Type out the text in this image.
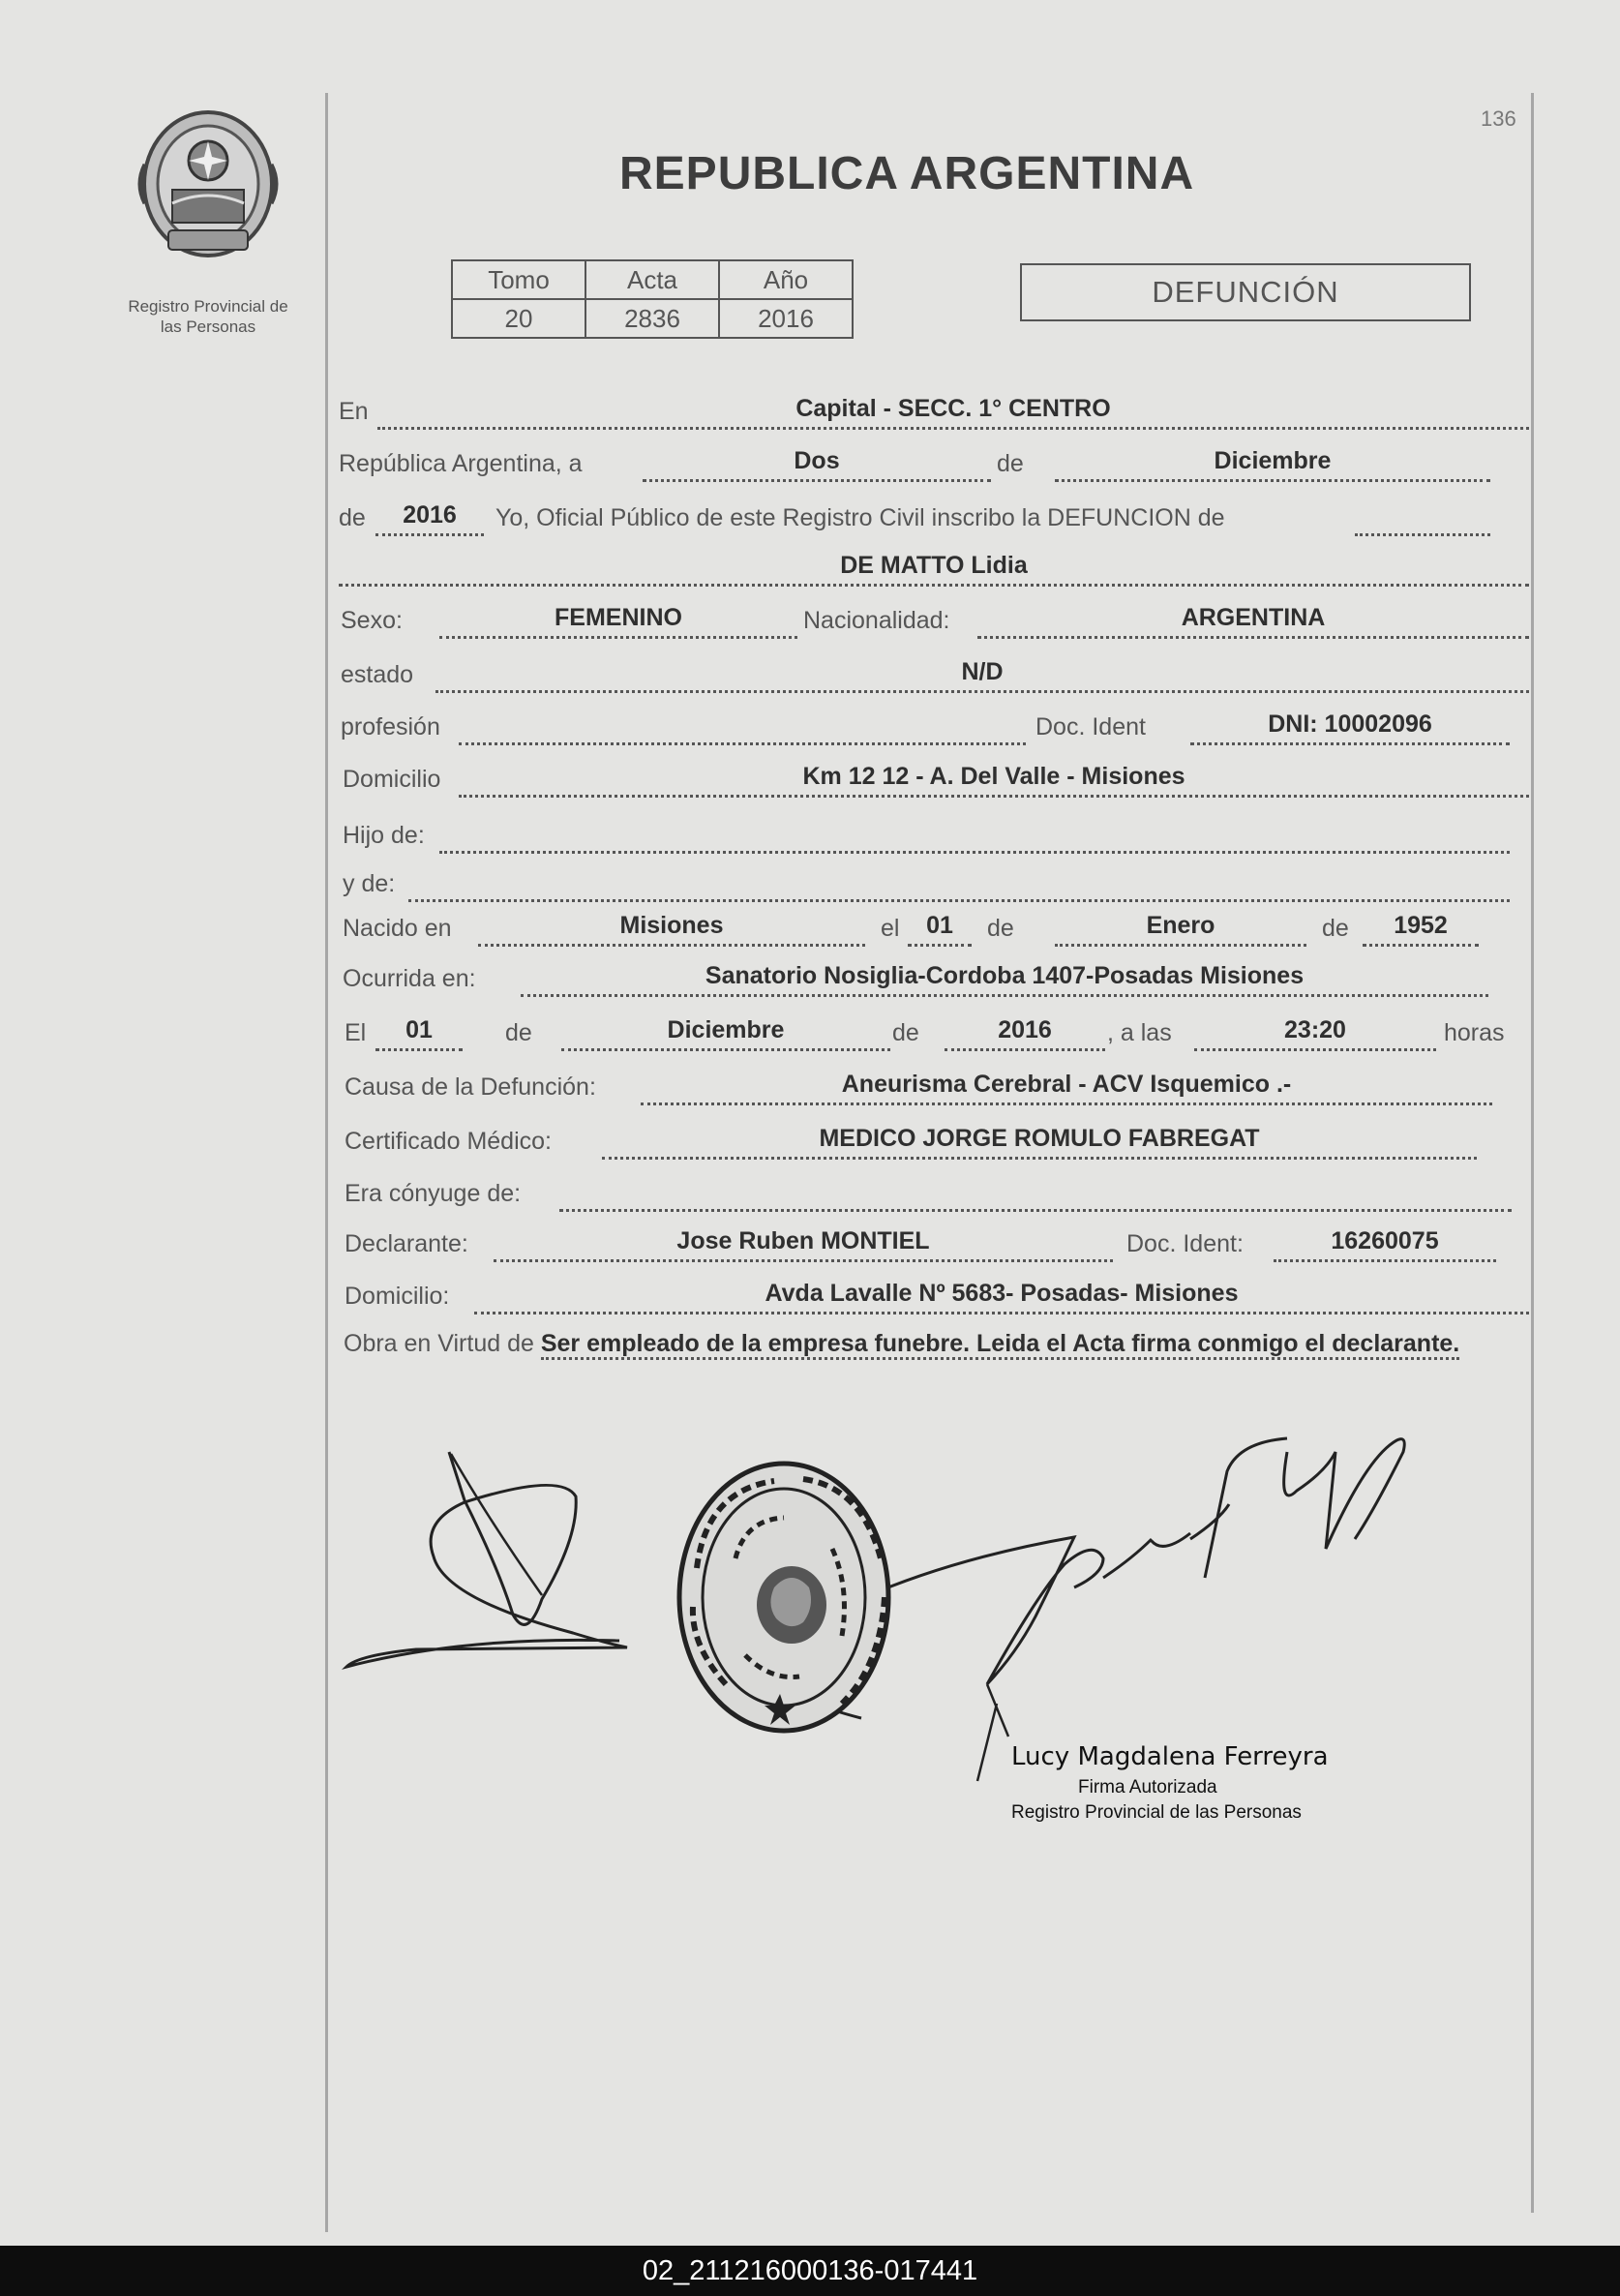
Registro Provincial de
las Personas
136
REPUBLICA ARGENTINA
Tomo	Acta	Año
20	2836	2016
DEFUNCIÓN
En	Capital - SECC. 1° CENTRO
República Argentina, a	Dos	de	Diciembre
de	2016	Yo, Oficial Público de este Registro Civil inscribo la DEFUNCION de
DE MATTO Lidia
Sexo:	FEMENINO	Nacionalidad:	ARGENTINA
estado	N/D
profesión	Doc. Ident	DNI: 10002096
Domicilio	Km 12 12 - A. Del Valle - Misiones
Hijo de:
y de:
Nacido en	Misiones	el	01	de	Enero	de	1952
Ocurrida en:	Sanatorio Nosiglia-Cordoba 1407-Posadas Misiones
El	01	de	Diciembre	de	2016	, a las	23:20	horas
Causa de la Defunción:	Aneurisma Cerebral - ACV Isquemico .-
Certificado Médico:	MEDICO JORGE ROMULO FABREGAT
Era cónyuge de:
Declarante:	Jose Ruben MONTIEL	Doc. Ident:	16260075
Domicilio:	Avda Lavalle Nº 5683- Posadas- Misiones
Obra en Virtud de Ser empleado de la empresa funebre. Leida el Acta firma conmigo el declarante.
Lucy Magdalena Ferreyra
Firma Autorizada
Registro Provincial de las Personas
02_211216000136-017441
